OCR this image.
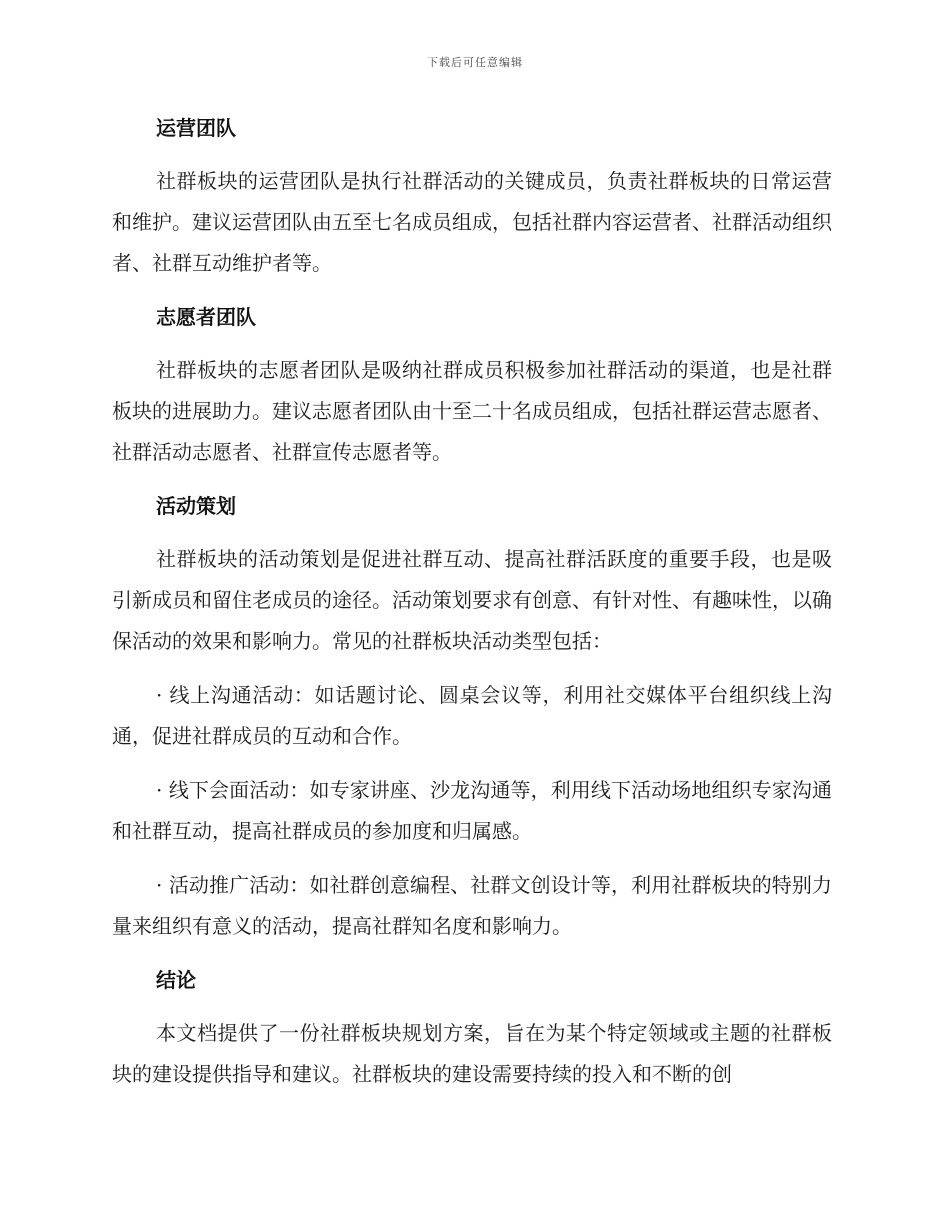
下载后可任意编辑
运营团队

社群板块的运营团队是执行社群活动的关键成员，负责社群板块的日常运营和维护。建议运营团队由五至七名成员组成，包括社群内容运营者、社群活动组织者、社群互动维护者等。

志愿者团队

社群板块的志愿者团队是吸纳社群成员积极参加社群活动的渠道，也是社群板块的进展助力。建议志愿者团队由十至二十名成员组成，包括社群运营志愿者、社群活动志愿者、社群宣传志愿者等。

活动策划

社群板块的活动策划是促进社群互动、提高社群活跃度的重要手段，也是吸引新成员和留住老成员的途径。活动策划要求有创意、有针对性、有趣味性，以确保活动的效果和影响力。常见的社群板块活动类型包括：

· 线上沟通活动：如话题讨论、圆桌会议等，利用社交媒体平台组织线上沟通，促进社群成员的互动和合作。

· 线下会面活动：如专家讲座、沙龙沟通等，利用线下活动场地组织专家沟通和社群互动，提高社群成员的参加度和归属感。

· 活动推广活动：如社群创意编程、社群文创设计等，利用社群板块的特别力量来组织有意义的活动，提高社群知名度和影响力。

结论

本文档提供了一份社群板块规划方案，旨在为某个特定领域或主题的社群板块的建设提供指导和建议。社群板块的建设需要持续的投入和不断的创
